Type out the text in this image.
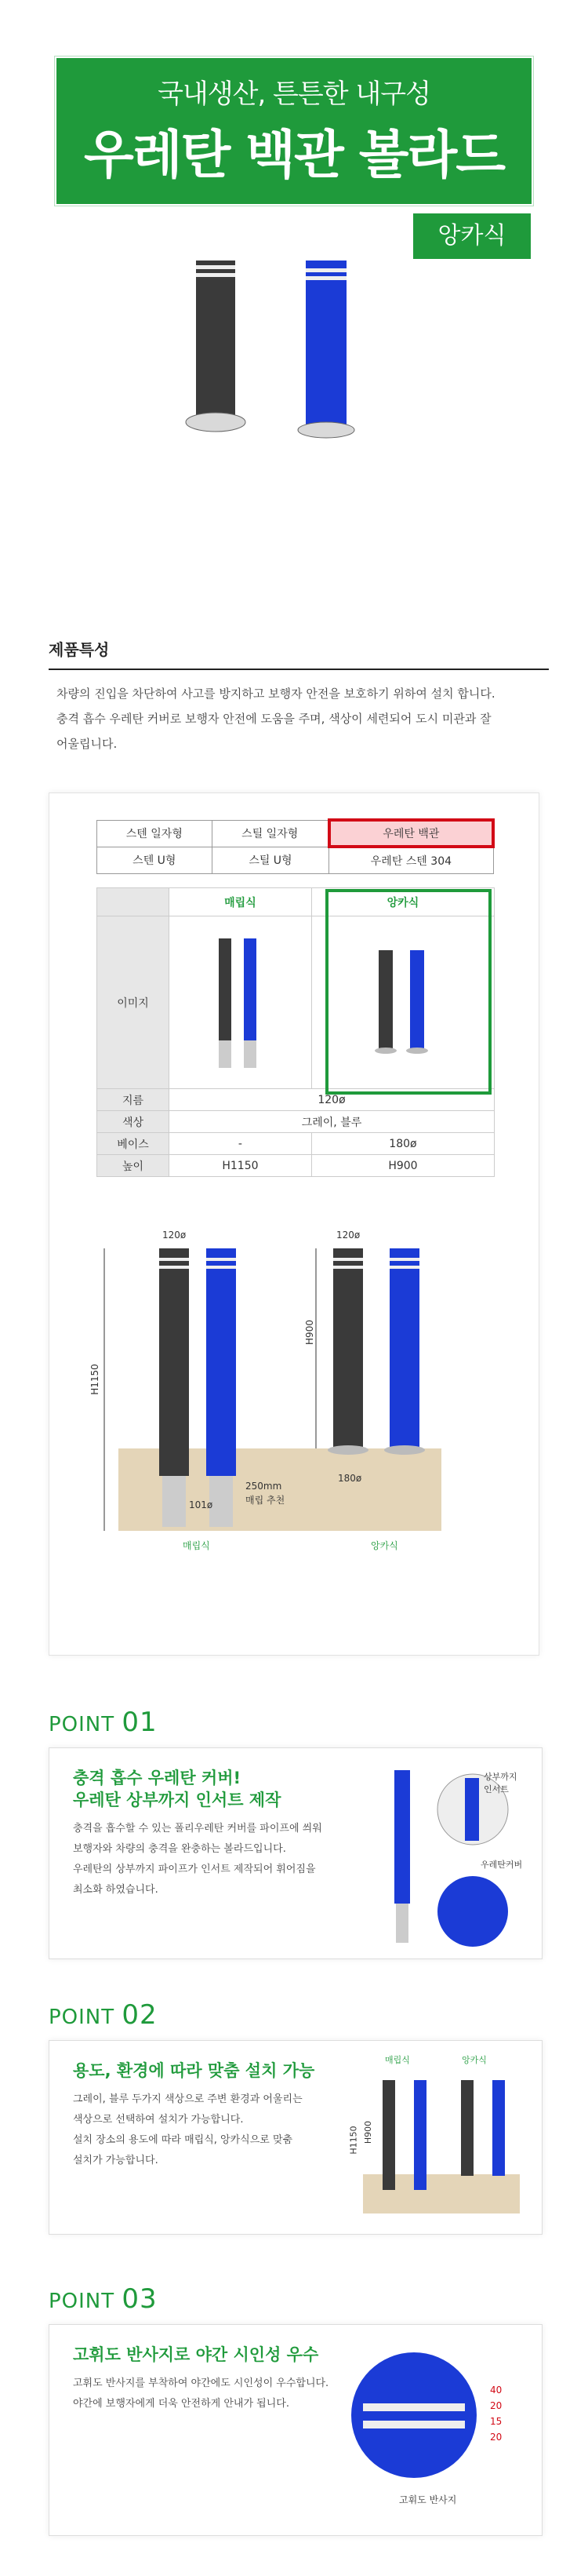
국내생산, 튼튼한 내구성
우레탄 백관 볼라드
앙카식
제품특성
차량의 진입을 차단하여 사고를 방지하고 보행자 안전을 보호하기 위하여 설치 합니다.
충격 흡수 우레탄 커버로 보행자 안전에 도움을 주며, 색상이 세련되어 도시 미관과 잘
어울립니다.
스텐 일자형	스틸 일자형	우레탄 백관
스텐 U형	스틸 U형	우레탄 스텐 304
	매립식	앙카식
이미지		
지름	120ø	
색상	그레이, 블루	
베이스	-	180ø
높이	H1150	H900
120ø	120ø
H1150
H900
250mm
매립 추천
101ø
180ø
매립식	앙카식
POINT 01
충격 흡수 우레탄 커버!
우레탄 상부까지 인서트 제작

충격을 흡수할 수 있는 폴리우레탄 커버를 파이프에 씌워

보행자와 차량의 충격을 완충하는 볼라드입니다.

우레탄의 상부까지 파이프가 인서트 제작되어 휘어짐을

최소화 하였습니다.

상부까지
인서트
우레탄커버
POINT 02
용도, 환경에 따라 맞춤 설치 가능

그레이, 블루 두가지 색상으로 주변 환경과 어울리는

색상으로 선택하여 설치가 가능합니다.

설치 장소의 용도에 따라 매립식, 앙카식으로 맞춤

설치가 가능합니다.

매립식	앙카식
H1150 H900
POINT 03
고휘도 반사지로 야간 시인성 우수

고휘도 반사지를 부착하여 야간에도 시인성이 우수합니다.

야간에 보행자에게 더욱 안전하게 안내가 됩니다.

40
20
15
20
고휘도 반사지
